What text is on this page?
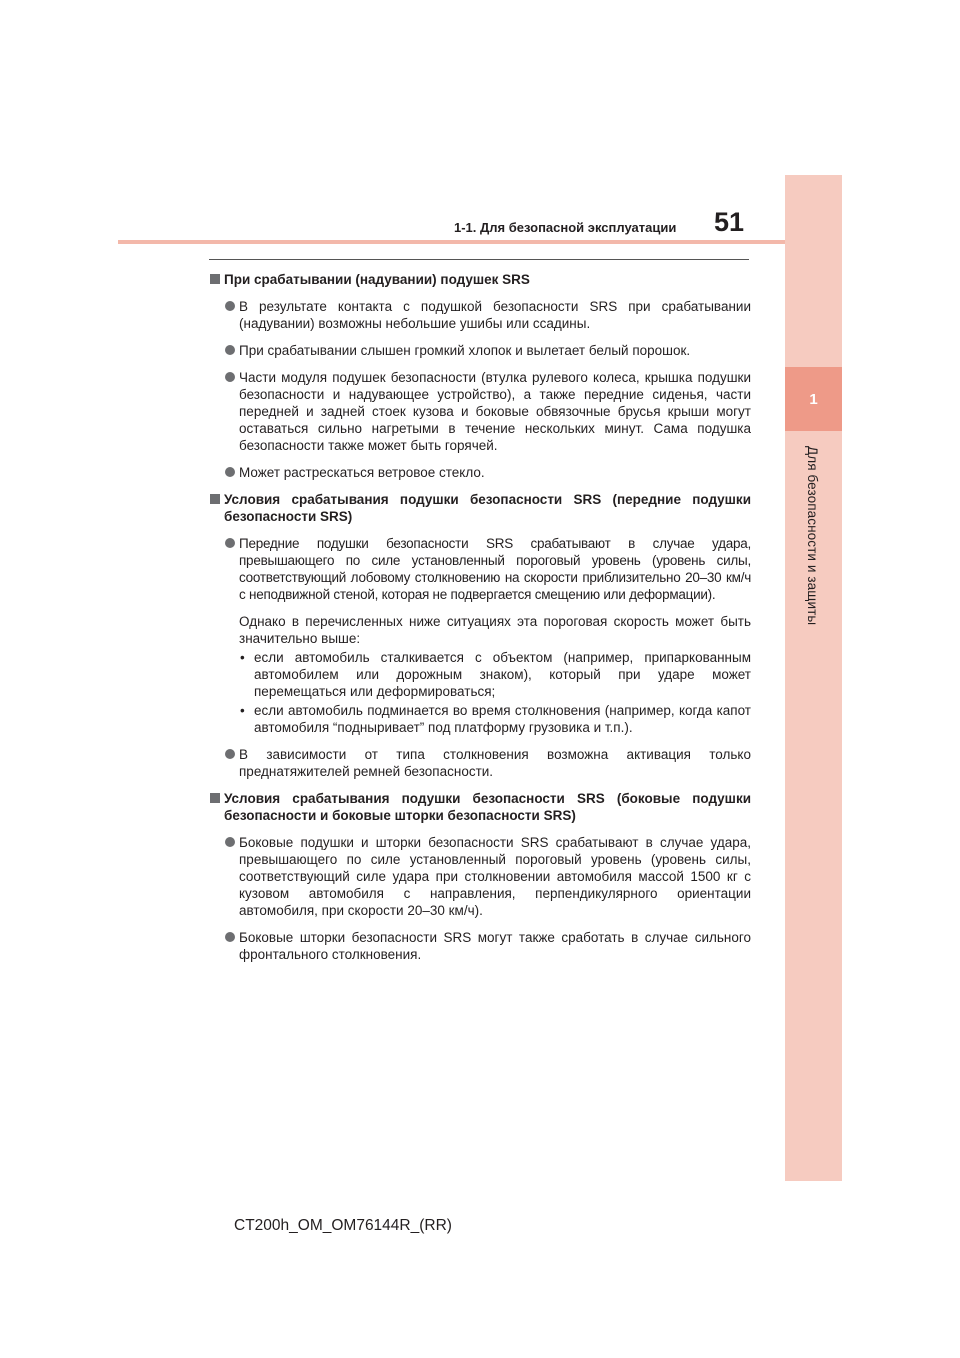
1
Для безопасности и защиты
1-1. Для безопасной эксплуатации 51
При срабатывании (надувании) подушек SRS
В результате контакта с подушкой безопасности SRS при срабатывании (надувании) возможны небольшие ушибы или ссадины.
При срабатывании слышен громкий хлопок и вылетает белый порошок.
Части модуля подушек безопасности (втулка рулевого колеса, крышка подушки безопасности и надувающее устройство), а также передние сиденья, части передней и задней стоек кузова и боковые обвязочные брусья крыши могут оставаться сильно нагретыми в течение нескольких минут. Сама подушка безопасности также может быть горячей.
Может растрескаться ветровое стекло.
Условия срабатывания подушки безопасности SRS (передние подушки безопасности SRS)
Передние подушки безопасности SRS срабатывают в случае удара, превышающего по силе установленный пороговый уровень (уровень силы, соответствующий лобовому столкновению на скорости приблизительно 20–30 км/ч с неподвижной стеной, которая не подвергается смещению или деформации).
Однако в перечисленных ниже ситуациях эта пороговая скорость может быть значительно выше:
• если автомобиль сталкивается с объектом (например, припаркованным автомобилем или дорожным знаком), который при ударе может перемещаться или деформироваться;
• если автомобиль подминается во время столкновения (например, когда капот автомобиля “подныривает” под платформу грузовика и т.п.).
В зависимости от типа столкновения возможна активация только преднатяжителей ремней безопасности.
Условия срабатывания подушки безопасности SRS (боковые подушки безопасности и боковые шторки безопасности SRS)
Боковые подушки и шторки безопасности SRS срабатывают в случае удара, превышающего по силе установленный пороговый уровень (уровень силы, соответствующий силе удара при столкновении автомобиля массой 1500 кг с кузовом автомобиля с направления, перпендикулярного ориентации автомобиля, при скорости 20–30 км/ч).
Боковые шторки безопасности SRS могут также сработать в случае сильного фронтального столкновения.
CT200h_OM_OM76144R_(RR)
